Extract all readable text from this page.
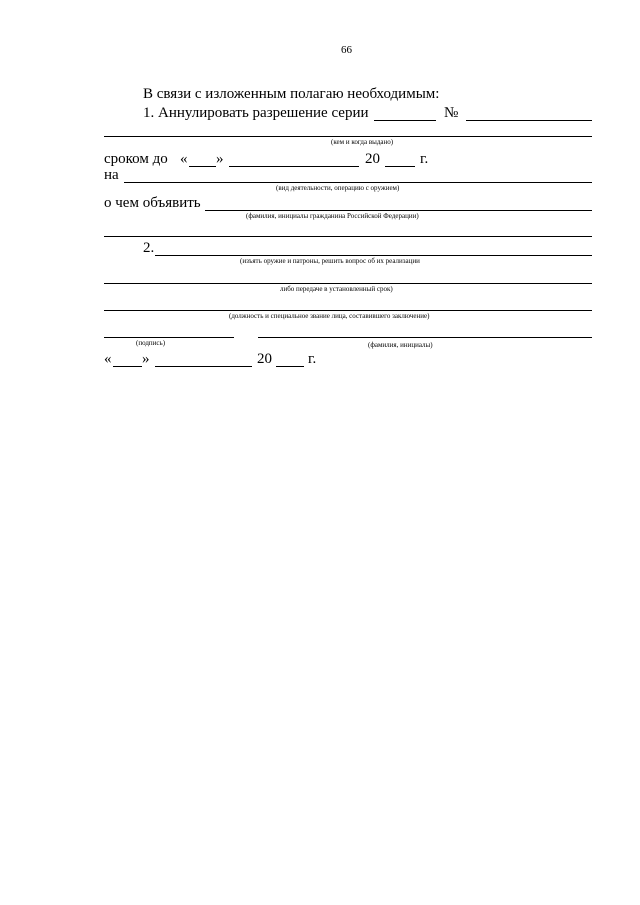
66
В связи с изложенным полагаю необходимым:
1. Аннулировать разрешение серии	№
(кем и когда выдано)
сроком до « »	20	г.
на
(вид деятельности, операцию с оружием)
о чем объявить
(фамилия, инициалы гражданина Российской Федерации)
2.
(изъять оружие и патроны, решить вопрос об их реализации
либо передаче в установленный срок)
(должность и специальное звание лица, составившего заключение)
(подпись)	(фамилия, инициалы)
« »	20 г.
